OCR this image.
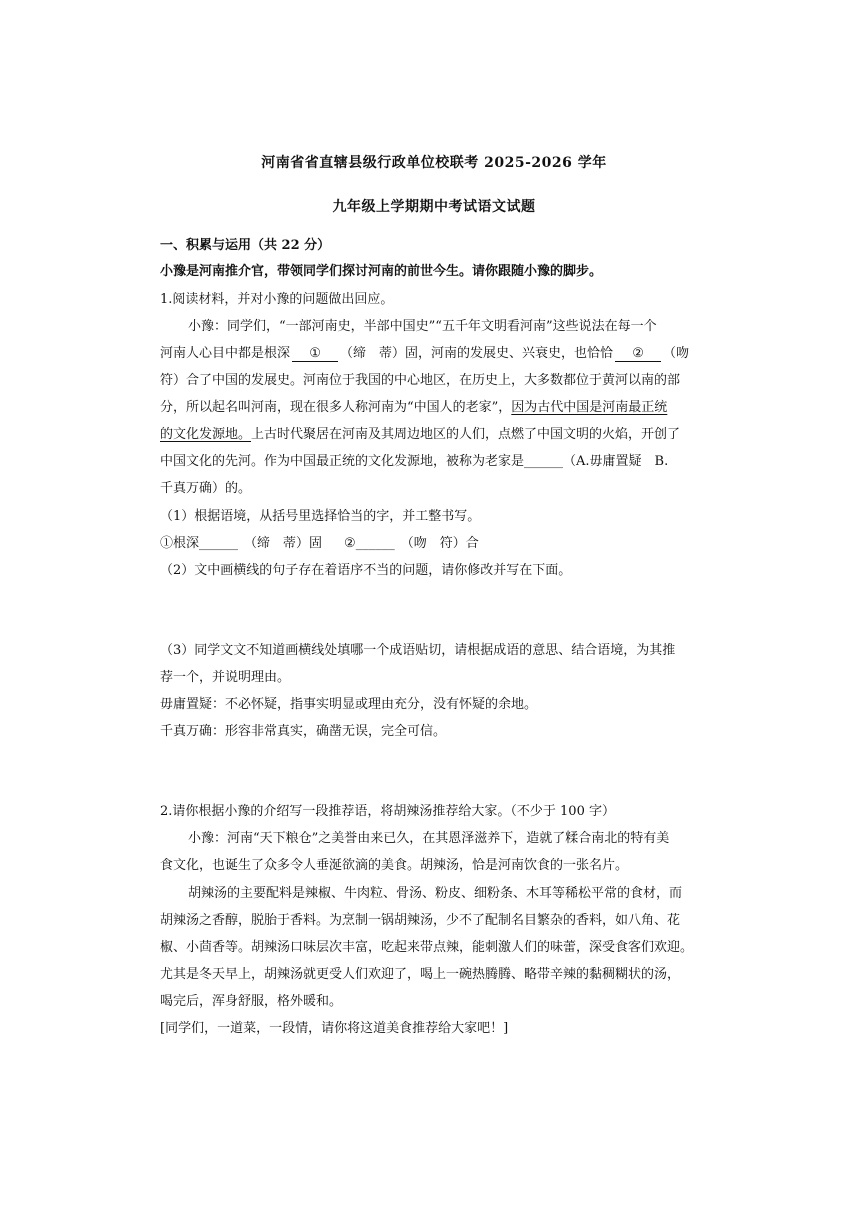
河南省省直辖县级行政单位校联考 2025-2026 学年
九年级上学期期中考试语文试题
一、积累与运用（共 22 分）
小豫是河南推介官，带领同学们探讨河南的前世今生。请你跟随小豫的脚步。
1.阅读材料，并对小豫的问题做出回应。
小豫：同学们，“一部河南史，半部中国史”“五千年文明看河南”这些说法在每一个
河南人心目中都是根深 ① （缔　蒂）固，河南的发展史、兴衰史，也恰恰 ② （吻
符）合了中国的发展史。河南位于我国的中心地区，在历史上，大多数都位于黄河以南的部
分，所以起名叫河南，现在很多人称河南为“中国人的老家”，因为古代中国是河南最正统
的文化发源地。上古时代聚居在河南及其周边地区的人们，点燃了中国文明的火焰，开创了
中国文化的先河。作为中国最正统的文化发源地，被称为老家是______（A.毋庸置疑　B.
千真万确）的。
（1）根据语境，从括号里选择恰当的字，并工整书写。
①根深______ （缔　蒂）固 ②______ （吻　符）合
（2）文中画横线的句子存在着语序不当的问题，请你修改并写在下面。
（3）同学文文不知道画横线处填哪一个成语贴切，请根据成语的意思、结合语境，为其推
荐一个，并说明理由。
毋庸置疑：不必怀疑，指事实明显或理由充分，没有怀疑的余地。
千真万确：形容非常真实，确凿无误，完全可信。
2.请你根据小豫的介绍写一段推荐语，将胡辣汤推荐给大家。（不少于 100 字）
小豫：河南“天下粮仓”之美誉由来已久，在其恩泽滋养下，造就了糅合南北的特有美
食文化，也诞生了众多令人垂涎欲滴的美食。胡辣汤，恰是河南饮食的一张名片。
胡辣汤的主要配料是辣椒、牛肉粒、骨汤、粉皮、细粉条、木耳等稀松平常的食材，而
胡辣汤之香醇，脱胎于香料。为烹制一锅胡辣汤，少不了配制名目繁杂的香料，如八角、花
椒、小茴香等。胡辣汤口味层次丰富，吃起来带点辣，能刺激人们的味蕾，深受食客们欢迎。
尤其是冬天早上，胡辣汤就更受人们欢迎了，喝上一碗热腾腾、略带辛辣的黏稠糊状的汤，
喝完后，浑身舒服，格外暖和。
[同学们，一道菜，一段情，请你将这道美食推荐给大家吧！]
